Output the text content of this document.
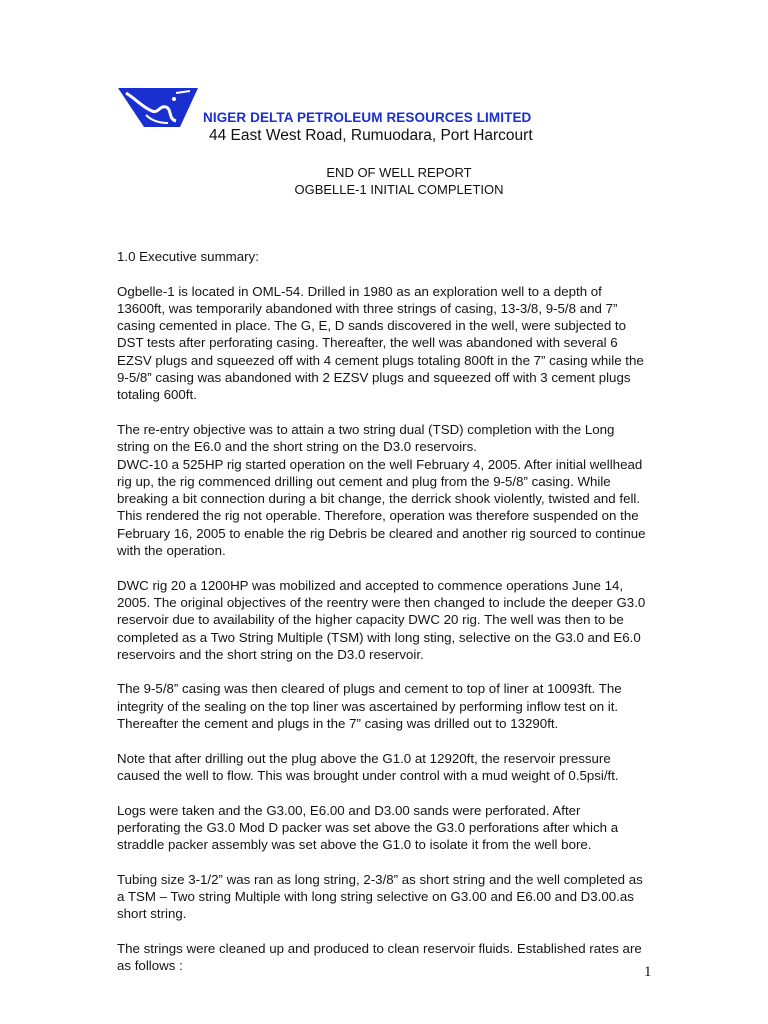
NIGER DELTA PETROLEUM RESOURCES LIMITED
44 East West Road, Rumuodara, Port Harcourt
END OF WELL REPORT
OGBELLE-1 INITIAL COMPLETION

1.0 Executive summary:

Ogbelle-1 is located in OML-54. Drilled in 1980 as an exploration well to a depth of 13600ft, was temporarily abandoned with three strings of casing, 13-3/8, 9-5/8 and 7” casing cemented in place. The G, E, D sands discovered in the well, were subjected to DST tests after perforating casing. Thereafter, the well was abandoned with several 6 EZSV plugs and squeezed off with 4 cement plugs totaling 800ft in the 7” casing while the 9-5/8” casing was abandoned with 2 EZSV plugs and squeezed off with 3 cement plugs totaling 600ft.

The re-entry objective was to attain a two string dual (TSD) completion with the Long string on the E6.0 and the short string on the D3.0 reservoirs.

DWC-10 a 525HP rig started operation on the well February 4, 2005. After initial wellhead rig up, the rig commenced drilling out cement and plug from the 9-5/8” casing. While breaking a bit connection during a bit change, the derrick shook violently, twisted and fell. This rendered the rig not operable. Therefore, operation was therefore suspended on the February 16, 2005 to enable the rig Debris be cleared and another rig sourced to continue with the operation.

DWC rig 20 a 1200HP was mobilized and accepted to commence operations June 14, 2005. The original objectives of the reentry were then changed to include the deeper G3.0 reservoir due to availability of the higher capacity DWC 20 rig. The well was then to be completed as a Two String Multiple (TSM) with long sting, selective on the G3.0 and E6.0 reservoirs and the short string on the D3.0 reservoir.

The 9-5/8” casing was then cleared of plugs and cement to top of liner at 10093ft. The integrity of the sealing on the top liner was ascertained by performing inflow test on it. Thereafter the cement and plugs in the 7” casing was drilled out to 13290ft.

Note that after drilling out the plug above the G1.0 at 12920ft, the reservoir pressure caused the well to flow. This was brought under control with a mud weight of 0.5psi/ft.

Logs were taken and the G3.00, E6.00 and D3.00 sands were perforated. After perforating the G3.0 Mod D packer was set above the G3.0 perforations after which a straddle packer assembly was set above the G1.0 to isolate it from the well bore.

Tubing size 3-1/2” was ran as long string, 2-3/8” as short string and the well completed as a TSM – Two string Multiple with long string selective on G3.00 and E6.00 and D3.00.as short string.

The strings were cleaned up and produced to clean reservoir fluids. Established rates are as follows :	1
